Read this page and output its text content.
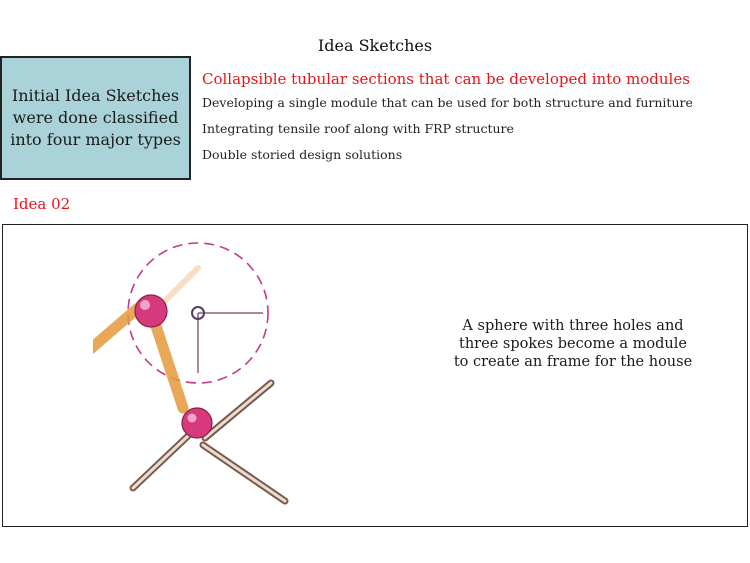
Idea Sketches
Initial Idea Sketches
were done classified
into four major types
Collapsible tubular sections that can be developed into modules
Developing a single module that can be used for both structure and furniture
Integrating tensile roof along with FRP structure
Double storied design solutions
Idea 02
A sphere with three holes and
three spokes become a module
to create an frame for the house
